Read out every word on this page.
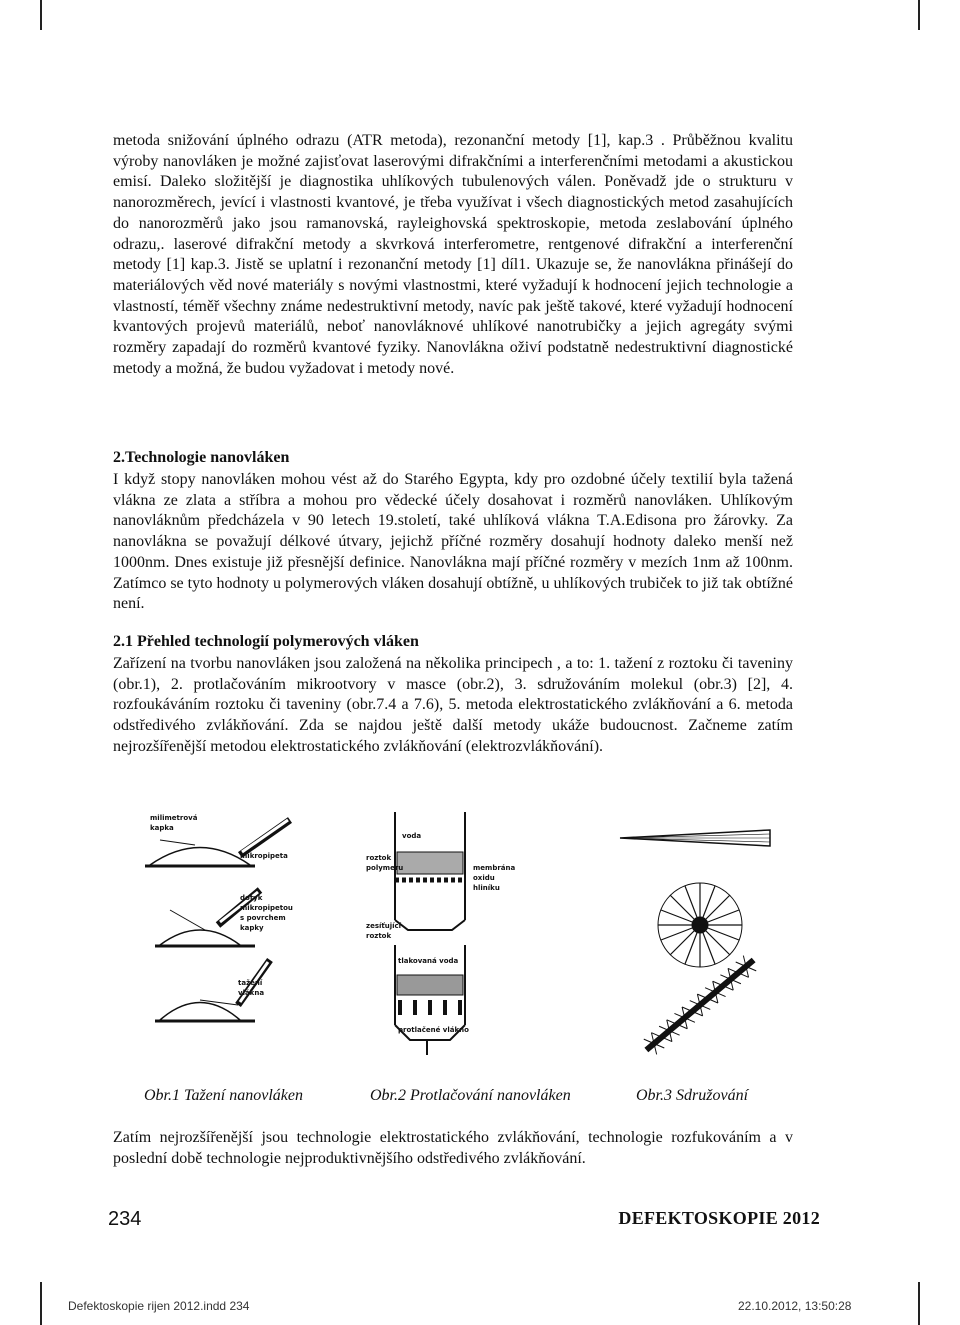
metoda snižování úplného odrazu (ATR metoda), rezonanční metody [1], kap.3 . Průběžnou kvalitu výroby nanovláken je možné zajisťovat laserovými difrakčními a interferenčními metodami a akustickou emisí. Daleko složitější je diagnostika uhlíkových tubulenových válen. Poněvadž jde o strukturu v nanorozměrech, jevící i vlastnosti kvantové, je třeba využívat i všech diagnostických metod zasahujících do nanorozměrů jako jsou ramanovská, rayleighovská spektroskopie, metoda zeslabování úplného odrazu,. laserové difrakční metody a skvrková interferometre, rentgenové difrakční a interferenční metody [1] kap.3. Jistě se uplatní i rezonanční metody [1] díl1. Ukazuje se, že nanovlákna přinášejí do materiálových věd nové materiály s novými vlastnostmi, které vyžadují k hodnocení jejich technologie a vlastností, téměř všechny známe nedestruktivní metody, navíc pak ještě takové, které vyžadují hodnocení kvantových projevů materiálů, neboť nanovláknové uhlíkové nanotrubičky a jejich agregáty svými rozměry zapadají do rozměrů kvantové fyziky. Nanovlákna oživí podstatně nedestruktivní diagnostické metody a možná, že budou vyžadovat i metody nové.
2.Technologie nanovláken
I když stopy nanovláken mohou vést až do Starého Egypta, kdy pro ozdobné účely textilií byla tažená vlákna ze zlata a stříbra a mohou pro vědecké účely dosahovat i rozměrů nanovláken. Uhlíkovým nanovláknům předcházela v 90 letech 19.století, také uhlíková vlákna T.A.Edisona pro žárovky. Za nanovlákna se považují délkové útvary, jejichž příčné rozměry dosahují hodnoty daleko menší než 1000nm. Dnes existuje již přesnější definice. Nanovlákna mají příčné rozměry v mezích 1nm až 100nm. Zatímco se tyto hodnoty u polymerových vláken dosahují obtížně, u uhlíkových trubiček to již tak obtížné není.
2.1 Přehled technologií polymerových vláken
Zařízení na tvorbu nanovláken jsou založená na několika principech , a to: 1. tažení z roztoku či taveniny (obr.1), 2. protlačováním mikrootvory v masce (obr.2), 3. sdružováním molekul (obr.3) [2], 4. rozfoukáváním roztoku či taveniny (obr.7.4 a 7.6), 5. metoda elektrostatického zvlákňování a 6. metoda odstředivého zvlákňování. Zda se najdou ještě další metody ukáže budoucnost. Začneme zatím nejrozšířenější metodou elektrostatického zvlákňování (elektrozvlákňování).
milimetrová
kapka
mikropipeta
dotyk
mikropipetou
s povrchem
kapky
tažení
vlákna
voda
roztok
polymeru	membrána
oxidu
hliníku
zesíťující
roztok
tlakovaná voda
protlačené vlákno
Obr.1 Tažení nanovláken	Obr.2 Protlačování nanovláken	Obr.3 Sdružování
Zatím nejrozšířenější jsou technologie elektrostatického zvlákňování, technologie rozfukováním a v poslední době technologie nejproduktivnějšího odstředivého zvlákňování.
234	DEFEKTOSKOPIE 2012
Defektoskopie rijen 2012.indd 234	22.10.2012, 13:50:28
